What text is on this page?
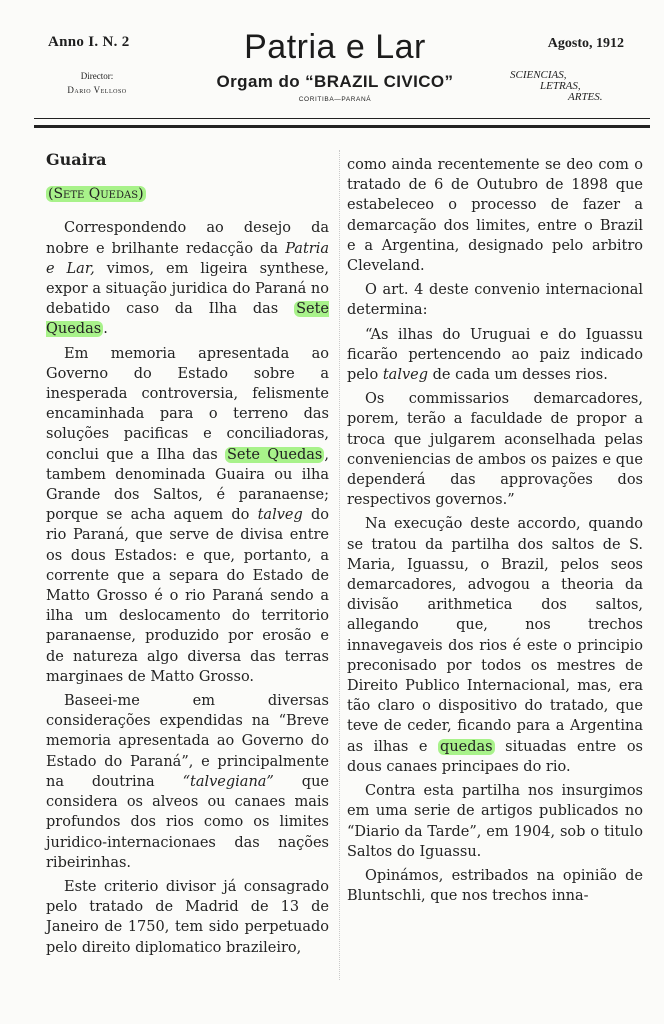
Anno I. N. 2
Director:
Dario Velloso
Patria e Lar
Orgam do “BRAZIL CIVICO”
CORITIBA—PARANÁ
Agosto, 1912
SCIENCIAS,
LETRAS,
ARTES.

Guaira

(Sete Quedas)

Correspondendo ao desejo da nobre e brilhante redacção da Patria e Lar, vimos, em ligeira synthese, expor a situação juridica do Paraná no debatido caso da Ilha das Sete Quedas .

Em memoria apresentada ao Governo do Estado sobre a inesperada controversia, felismente encaminhada para o terreno das soluções pacificas e conciliadoras, conclui que a Ilha das Sete Quedas , tambem denominada Guaira ou ilha Grande dos Saltos, é paranaense; porque se acha aquem do talveg do rio Paraná, que serve de divisa entre os dous Estados: e que, portanto, a corrente que a separa do Estado de Matto Grosso é o rio Paraná sendo a ilha um deslocamento do territorio paranaense, produzido por erosão e de natureza algo diversa das terras marginaes de Matto Grosso.

Baseei-me em diversas considerações expendidas na “Breve memoria apresentada ao Governo do Estado do Paraná”, e principalmente na doutrina “talvegiana” que considera os alveos ou canaes mais profundos dos rios como os limites juridico-internacionaes das nações ribeirinhas.

Este criterio divisor já consagrado pelo tratado de Madrid de 13 de Janeiro de 1750, tem sido perpetuado pelo direito diplomatico brazileiro,

como ainda recentemente se deo com o tratado de 6 de Outubro de 1898 que estabeleceo o processo de fazer a demarcação dos limites, entre o Brazil e a Argentina, designado pelo arbitro Cleveland.

O art. 4 deste convenio internacional determina:

“As ilhas do Uruguai e do Iguassu ficarão pertencendo ao paiz indicado pelo talveg de cada um desses rios.

Os commissarios demarcadores, porem, terão a faculdade de propor a troca que julgarem aconselhada pelas conveniencias de ambos os paizes e que dependerá das approvações dos respectivos governos.”

Na execução deste accordo, quando se tratou da partilha dos saltos de S. Maria, Iguassu, o Brazil, pelos seos demarcadores, advogou a theoria da divisão arithmetica dos saltos, allegando que, nos trechos innavegaveis dos rios é este o principio preconisado por todos os mestres de Direito Publico Internacional, mas, era tão claro o dispositivo do tratado, que teve de ceder, ficando para a Argentina as ilhas e quedas situadas entre os dous canaes principaes do rio.

Contra esta partilha nos insurgimos em uma serie de artigos publicados no “Diario da Tarde”, em 1904, sob o titulo Saltos do Iguassu.

Opinámos, estribados na opinião de Bluntschli, que nos trechos inna-
